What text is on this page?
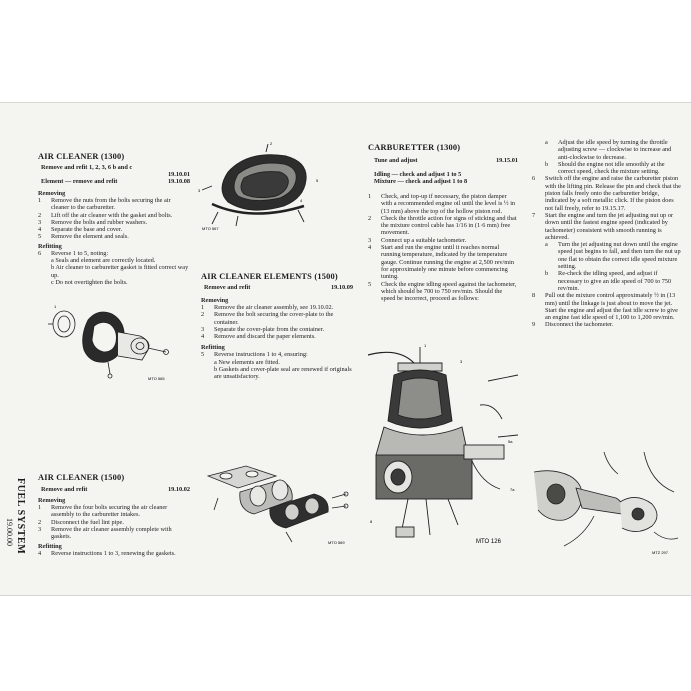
FUEL SYSTEM
19.00.00
AIR CLEANER (1300)
Remove and refit 1, 2, 3, 6 b and c
19.10.01
Element — remove and refit	19.10.08
Removing
1	Remove the nuts from the bolts securing the air cleaner to the carburetter.
2	Lift off the air cleaner with the gasket and bolts.
3	Remove the bolts and rubber washers.
4	Separate the base and cover.
5	Remove the element and seals.
Refitting
6	Reverse 1 to 5, noting:
a Seals and element are correctly located.
b Air cleaner to carburetter gasket is fitted correct way up.
c Do not overtighten the bolts.
1
MTO 565
AIR CLEANER (1500)
Remove and refit	19.10.02
Removing
1	Remove the four bolts securing the air cleaner assembly to the carburetter intakes.
2	Disconnect the fuel lint pipe.
3	Remove the air cleaner assembly complete with gaskets.
Refitting
4	Reverse instructions 1 to 3, renewing the gaskets.
2
3
4
5
MTO 567
AIR CLEANER ELEMENTS (1500)
Remove and refit	19.10.09
Removing
1	Remove the air cleaner assembly, see 19.10.02.
2	Remove the bolt securing the cover-plate to the container.
3	Separate the cover-plate from the container.
4	Remove and discard the paper elements.
Refitting
5	Reverse instructions 1 to 4, ensuring:
a New elements are fitted.
b Gaskets and cover-plate seal are renewed if originals are unsatisfactory.
MTO 569
CARBURETTER (1300)
Tune and adjust	19.15.01
Idling — check and adjust 1 to 5
Mixture — check and adjust 1 to 8
1	Check, and top-up if necessary, the piston damper with a recommended engine oil until the level is ½ in (13 mm) above the top of the hollow piston rod.
2	Check the throttle action for signs of sticking and that the mixture control cable has 1/16 in (1·6 mm) free movement.
3	Connect up a suitable tachometer.
4	Start and run the engine until it reaches normal running temperature, indicated by the temperature gauge. Continue running the engine at 2,500 rev/min for approximately one minute before commencing tuning.
5	Check the engine idling speed against the tachometer, which should be 700 to 750 rev/min. Should the speed be incorrect, proceed as follows:
1
3
5a
7a
8
MTO 126
a	Adjust the idle speed by turning the throttle adjusting screw — clockwise to increase and anti-clockwise to decrease.
b	Should the engine not idle smoothly at the correct speed, check the mixture setting.
6	Switch off the engine and raise the carburetter piston with the lifting pin. Release the pin and check that the piston falls freely onto the carburetter bridge, indicated by a soft metallic click. If the piston does not fall freely, refer to 19.15.17.
7	Start the engine and turn the jet adjusting nut up or down until the fastest engine speed (indicated by tachometer) consistent with smooth running is achieved.
a	Turn the jet adjusting nut down until the engine speed just begins to fall, and then turn the nut up one flat to obtain the correct idle speed mixture setting.
b	Re-check the idling speed, and adjust if necessary to give an idle speed of 700 to 750 rev/min.
8	Pull out the mixture control approximately ½ in (13 mm) until the linkage is just about to move the jet. Start the engine and adjust the fast idle screw to give an engine fast idle speed of 1,100 to 1,200 rev/min.
9	Disconnect the tachometer.
MTZ 297
